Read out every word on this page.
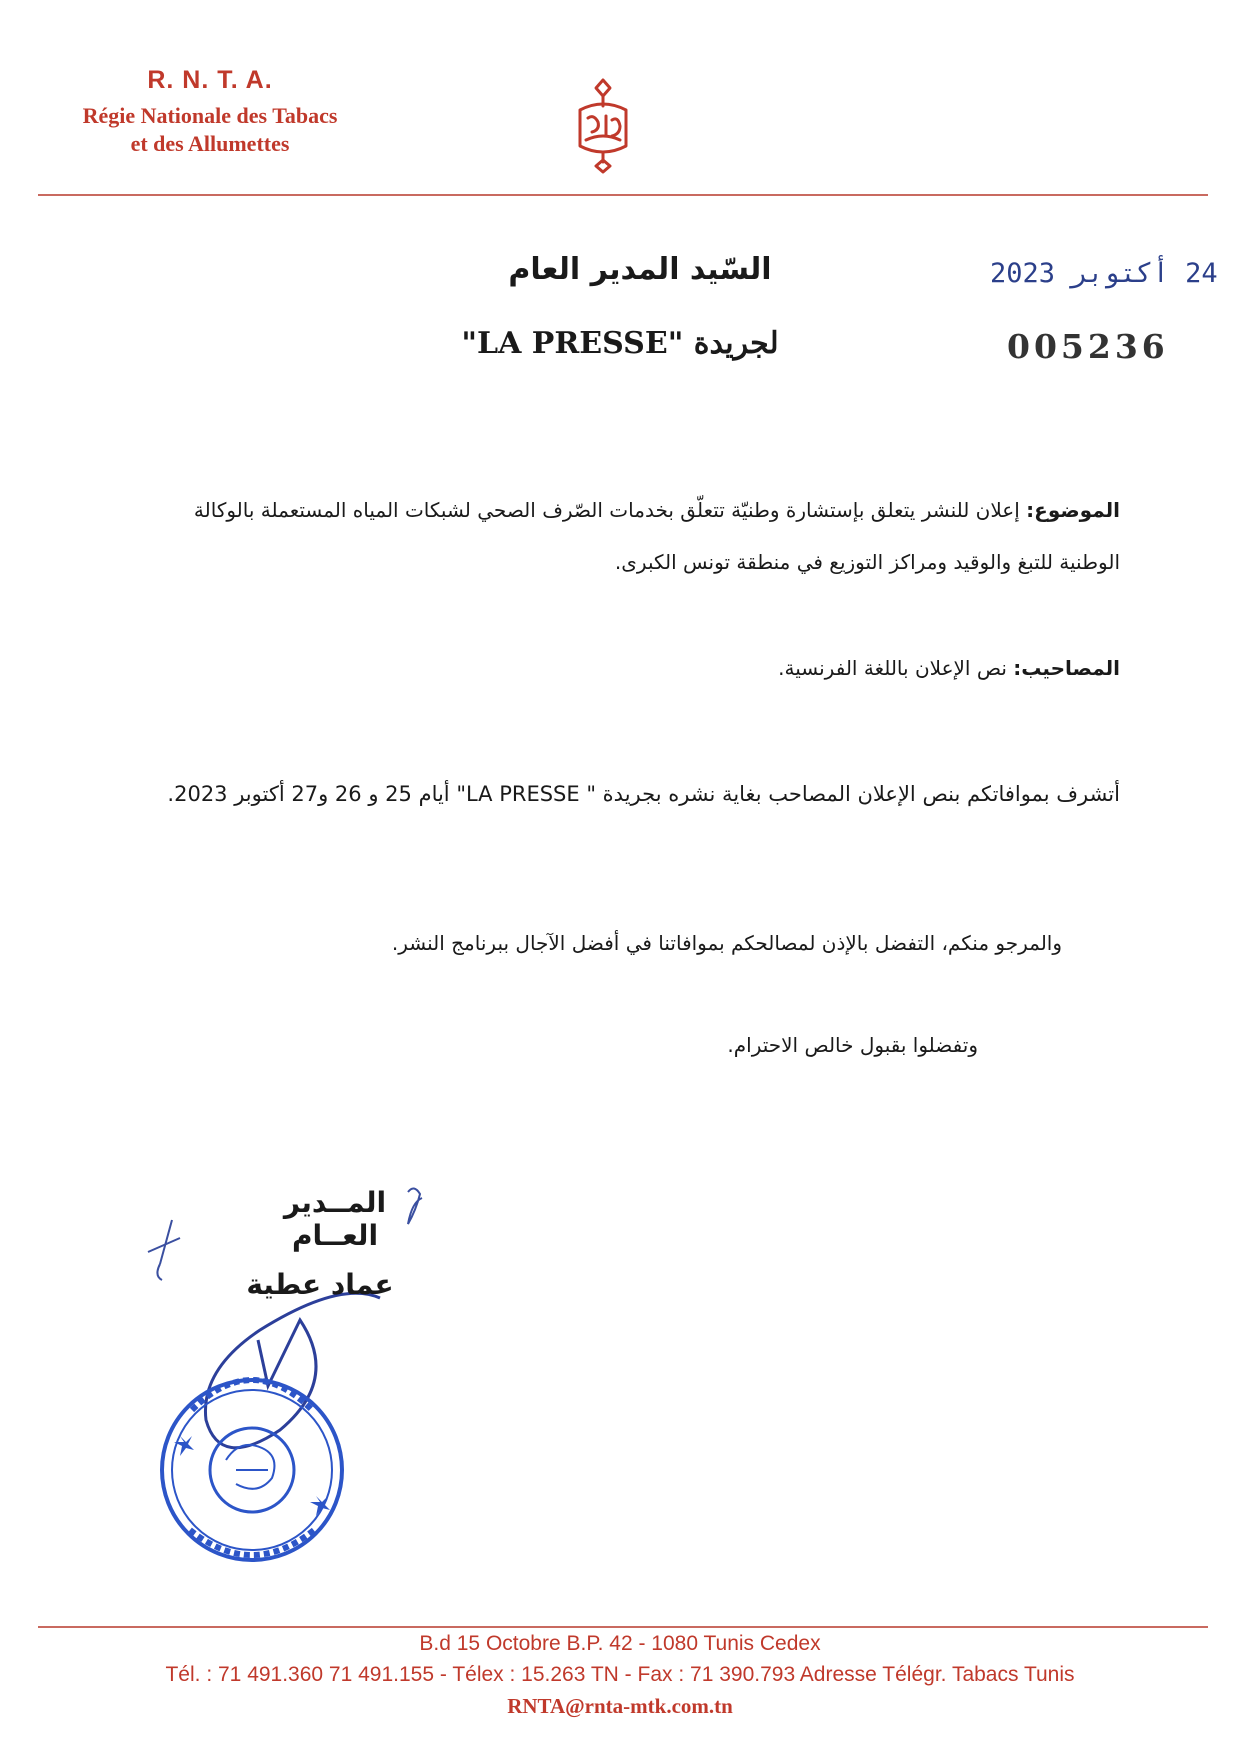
R. N. T. A.
Régie Nationale des Tabacs
et des Allumettes
السّيد المدير العام
لجريدة "LA PRESSE"
24 أكتوبر 2023
005236
الموضوع: إعلان للنشر يتعلق بإستشارة وطنيّة تتعلّق بخدمات الصّرف الصحي لشبكات المياه المستعملة بالوكالة الوطنية للتبغ والوقيد ومراكز التوزيع في منطقة تونس الكبرى.
المصاحيب: نص الإعلان باللغة الفرنسية.
أتشرف بموافاتكم بنص الإعلان المصاحب بغاية نشره بجريدة " LA PRESSE" أيام 25 و 26 و27 أكتوبر 2023.
والمرجو منكم، التفضل بالإذن لمصالحكم بموافاتنا في أفضل الآجال ببرنامج النشر.
وتفضلوا بقبول خالص الاحترام.
المــدير العــام
عماد عطية
B.d 15 Octobre B.P. 42 - 1080 Tunis Cedex
Tél. : 71 491.360 71 491.155 - Télex : 15.263 TN - Fax : 71 390.793 Adresse Télégr. Tabacs Tunis
RNTA@rnta-mtk.com.tn
